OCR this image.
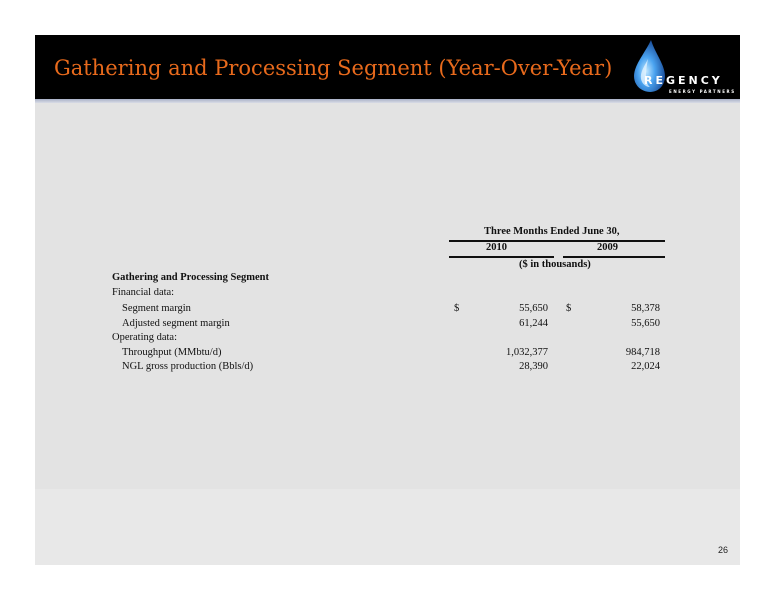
Gathering and Processing Segment (Year-Over-Year)
REGENCY
ENERGY PARTNERS
Three Months Ended June 30,
2010	2009
($ in thousands)
Gathering and Processing Segment
Financial data:
Segment margin	$	55,650 $	58,378
Adjusted segment margin	61,244	55,650
Operating data:
Throughput (MMbtu/d)	1,032,377	984,718
NGL gross production (Bbls/d)	28,390	22,024
26
